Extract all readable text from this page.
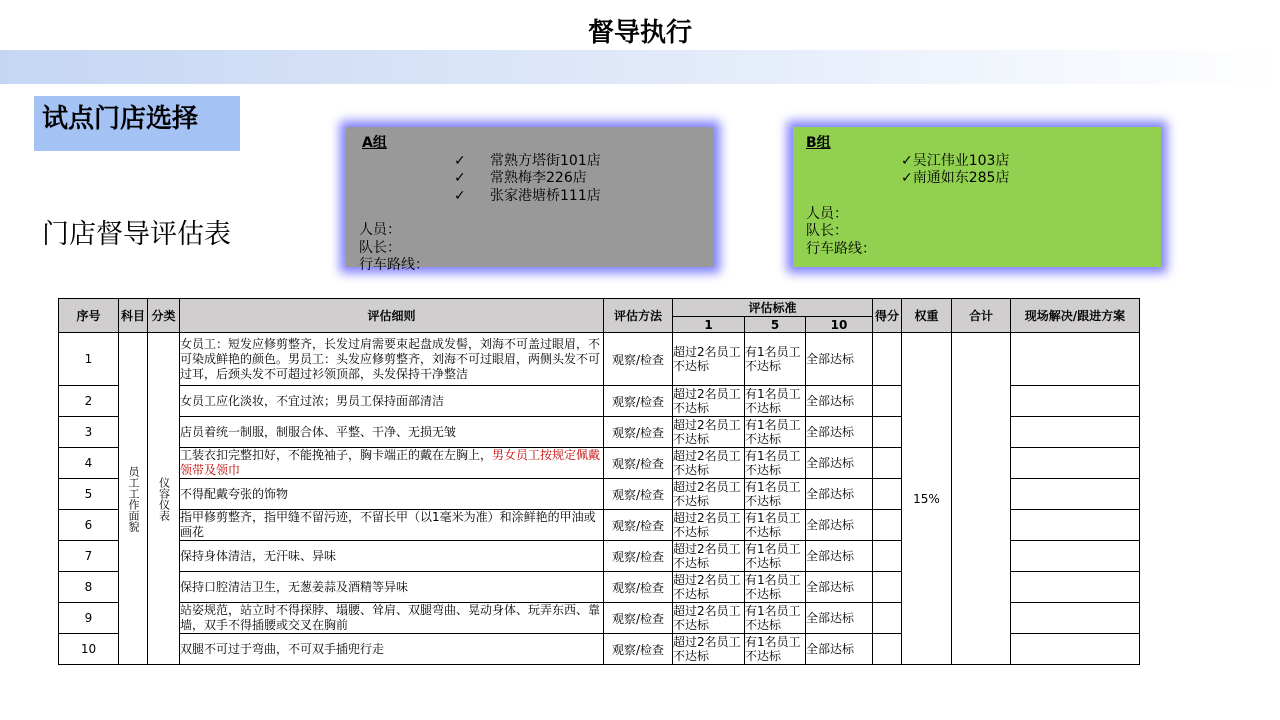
督导执行
试点门店选择
门店督导评估表
A组
✓ 常熟方塔街101店
✓ 常熟梅李226店
✓ 张家港塘桥111店
人员：
队长：
行车路线：
B组
✓吴江伟业103店
✓南通如东285店
人员：
队长：
行车路线：
序号	科目	分类	评估细则	评估方法	评估标准			得分	权重	合计	现场解决/跟进方案
					1	5	10				
1	员工工作面貌	仪容仪表	女员工：短发应修剪整齐，长发过肩需要束起盘成发髻，刘海不可盖过眼眉，不可染成鲜艳的颜色。男员工：头发应修剪整齐，刘海不可过眼眉，两侧头发不可过耳，后颈头发不可超过衫领顶部，头发保持干净整洁	观察/检查	超过2名员工不达标	有1名员工不达标	全部达标		15%		
2			女员工应化淡妆，不宜过浓；男员工保持面部清洁	观察/检查	超过2名员工不达标	有1名员工不达标	全部达标				
3			店员着统一制服，制服合体、平整、干净、无损无皱	观察/检查	超过2名员工不达标	有1名员工不达标	全部达标				
4			工装衣扣完整扣好，不能挽袖子，胸卡端正的戴在左胸上，男女员工按规定佩戴领带及领巾	观察/检查	超过2名员工不达标	有1名员工不达标	全部达标				
5			不得配戴夸张的饰物	观察/检查	超过2名员工不达标	有1名员工不达标	全部达标				
6			指甲修剪整齐，指甲缝不留污迹，不留长甲（以1毫米为准）和涂鲜艳的甲油或画花	观察/检查	超过2名员工不达标	有1名员工不达标	全部达标				
7			保持身体清洁，无汗味、异味	观察/检查	超过2名员工不达标	有1名员工不达标	全部达标				
8			保持口腔清洁卫生，无葱姜蒜及酒精等异味	观察/检查	超过2名员工不达标	有1名员工不达标	全部达标				
9			站姿规范，站立时不得探脖、塌腰、耸肩、双腿弯曲、晃动身体、玩弄东西、靠墙，双手不得插腰或交叉在胸前	观察/检查	超过2名员工不达标	有1名员工不达标	全部达标				
10			双腿不可过于弯曲，不可双手插兜行走	观察/检查	超过2名员工不达标	有1名员工不达标	全部达标				
